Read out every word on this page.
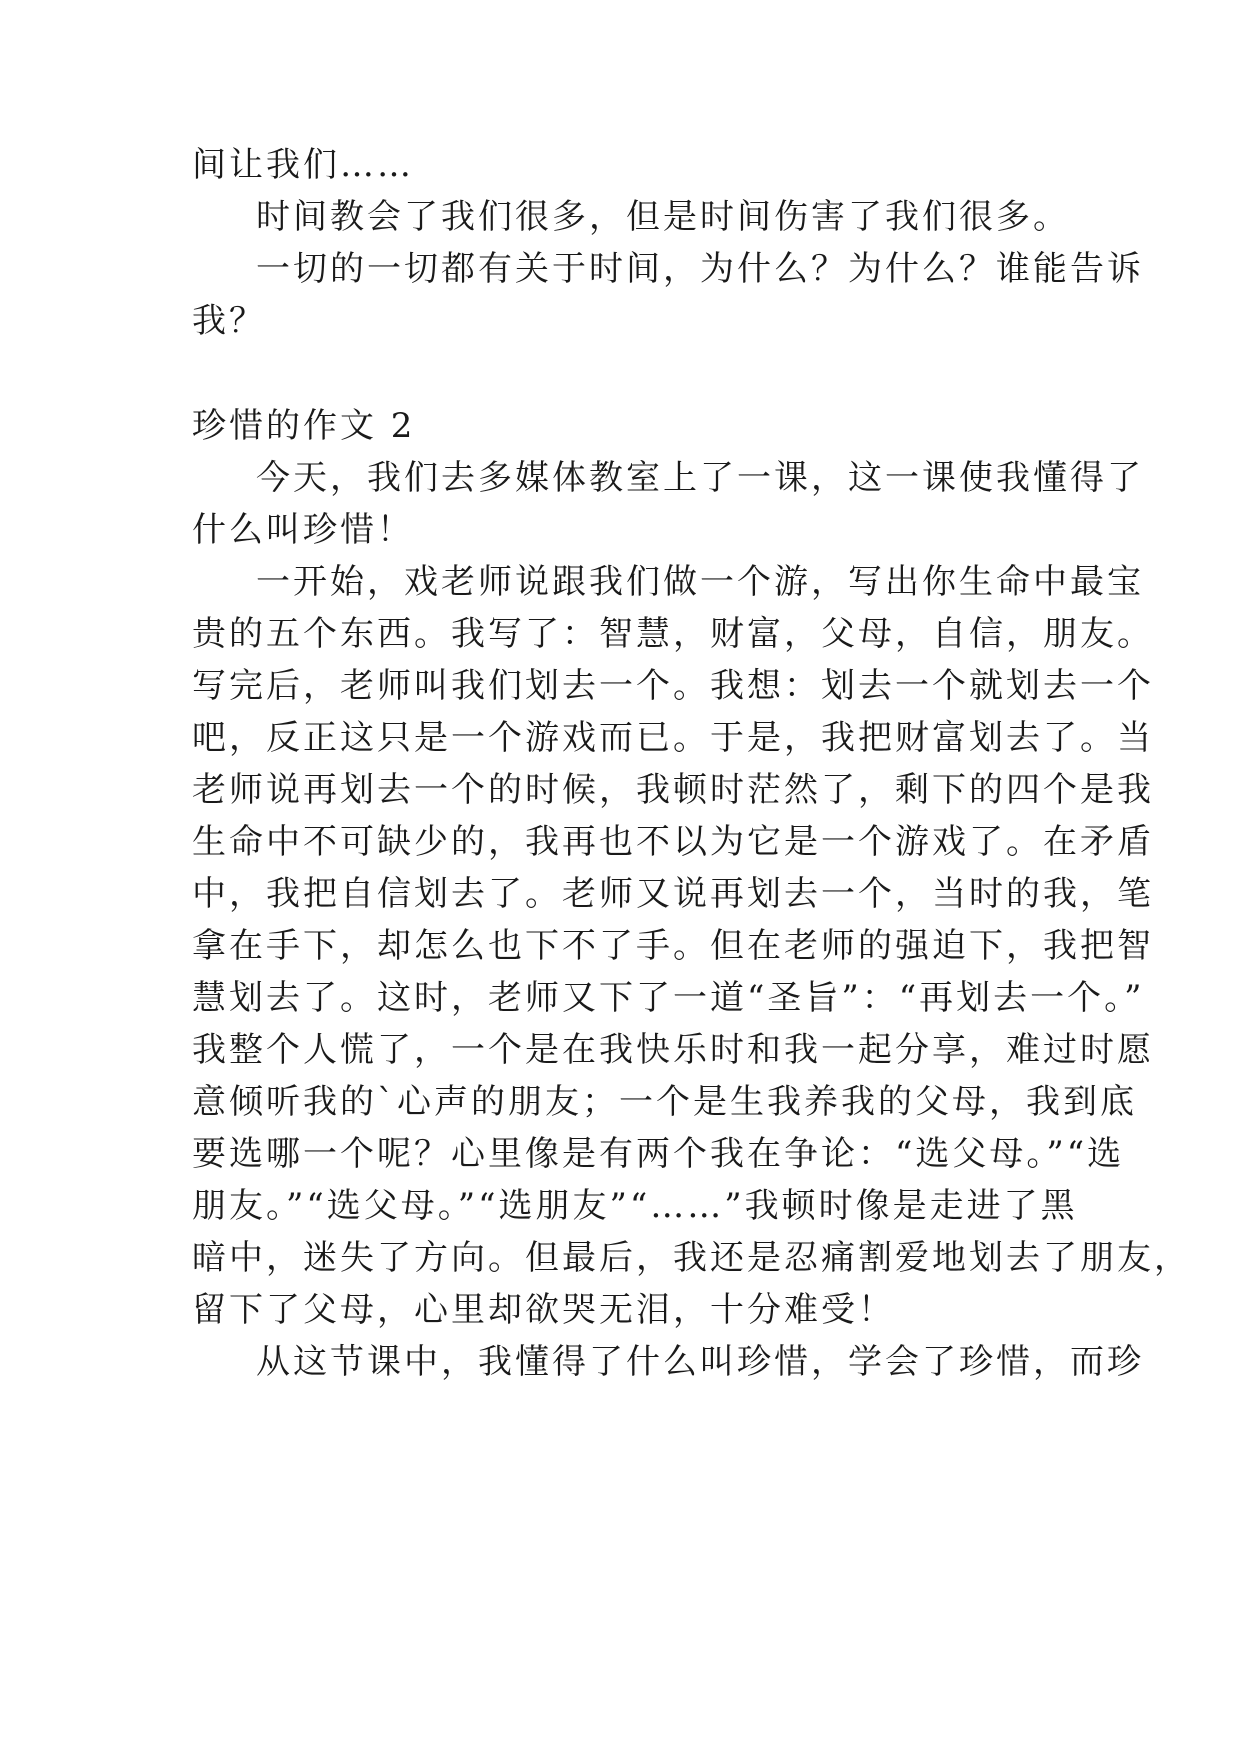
间让我们……
时间教会了我们很多，但是时间伤害了我们很多。
一切的一切都有关于时间，为什么？为什么？谁能告诉
我？
珍惜的作文 2
今天，我们去多媒体教室上了一课，这一课使我懂得了
什么叫珍惜！
一开始，戏老师说跟我们做一个游，写出你生命中最宝
贵的五个东西。我写了：智慧，财富，父母，自信，朋友。
写完后，老师叫我们划去一个。我想：划去一个就划去一个
吧，反正这只是一个游戏而已。于是，我把财富划去了。当
老师说再划去一个的时候，我顿时茫然了，剩下的四个是我
生命中不可缺少的，我再也不以为它是一个游戏了。在矛盾
中，我把自信划去了。老师又说再划去一个，当时的我，笔
拿在手下，却怎么也下不了手。但在老师的强迫下，我把智
慧划去了。这时，老师又下了一道“圣旨”：“再划去一个。”
我整个人慌了，一个是在我快乐时和我一起分享，难过时愿
意倾听我的`心声的朋友；一个是生我养我的父母，我到底
要选哪一个呢？心里像是有两个我在争论：“选父母。”“选
朋友。”“选父母。”“选朋友”“……”我顿时像是走进了黑
暗中，迷失了方向。但最后，我还是忍痛割爱地划去了朋友，
留下了父母，心里却欲哭无泪，十分难受！
从这节课中，我懂得了什么叫珍惜，学会了珍惜，而珍
